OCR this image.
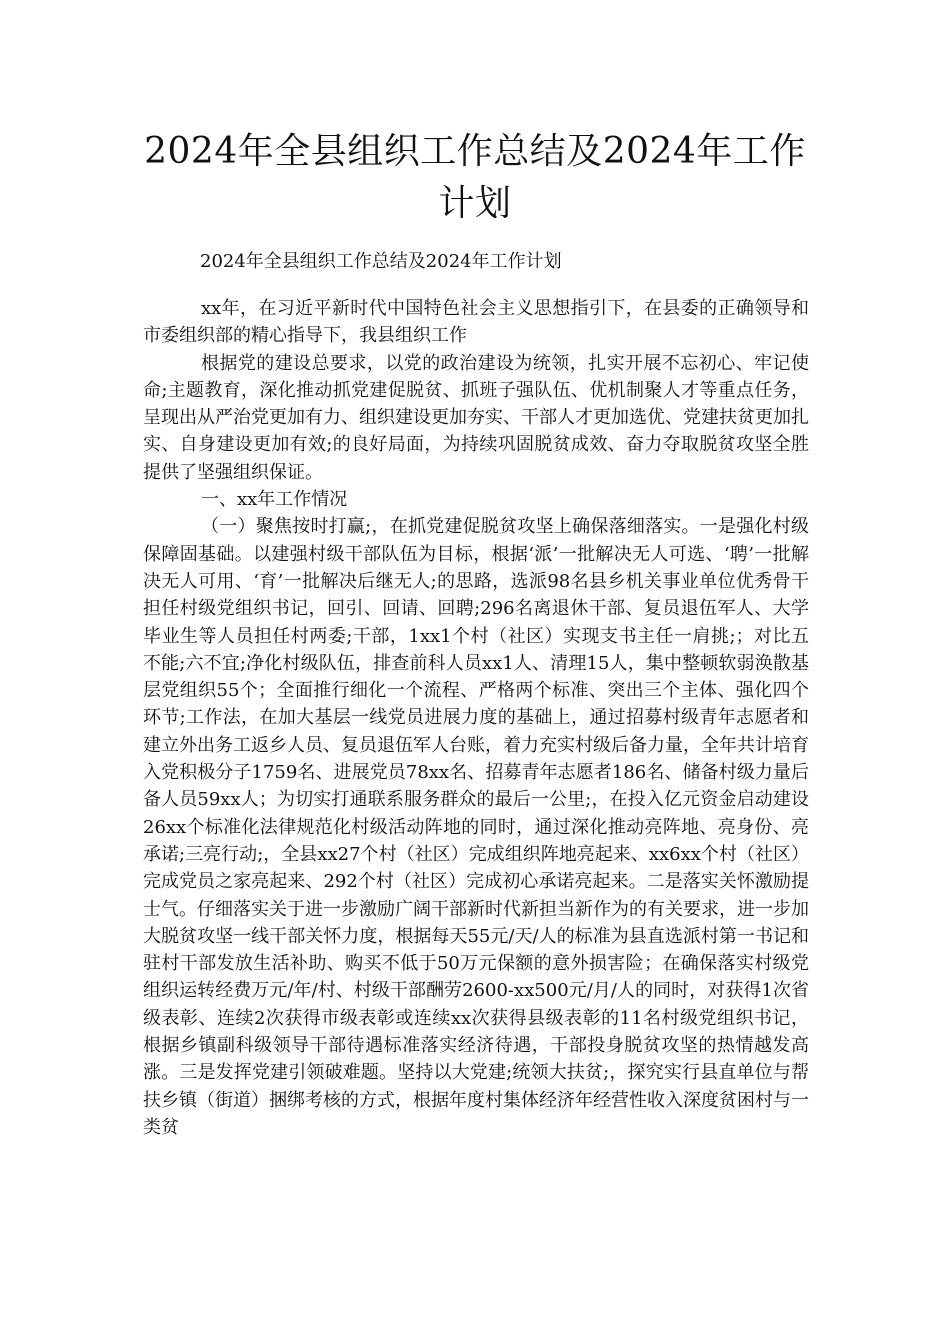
2024年全县组织工作总结及2024年工作计划

2024年全县组织工作总结及2024年工作计划

xx年，在习近平新时代中国特色社会主义思想指引下，在县委的正确领导和市委组织部的精心指导下，我县组织工作

根据党的建设总要求，以党的政治建设为统领，扎实开展不忘初心、牢记使命;主题教育，深化推动抓党建促脱贫、抓班子强队伍、优机制聚人才等重点任务，呈现出从严治党更加有力、组织建设更加夯实、干部人才更加选优、党建扶贫更加扎实、自身建设更加有效;的良好局面，为持续巩固脱贫成效、奋力夺取脱贫攻坚全胜提供了坚强组织保证。

一、xx年工作情况

（一）聚焦按时打赢;，在抓党建促脱贫攻坚上确保落细落实。一是强化村级保障固基础。以建强村级干部队伍为目标，根据‘派’一批解决无人可选、‘聘’一批解决无人可用、‘育’一批解决后继无人;的思路，选派98名县乡机关事业单位优秀骨干担任村级党组织书记，回引、回请、回聘;296名离退休干部、复员退伍军人、大学毕业生等人员担任村两委;干部，1xx1个村（社区）实现支书主任一肩挑;；对比五不能;六不宜;净化村级队伍，排查前科人员xx1人、清理15人，集中整顿软弱涣散基层党组织55个；全面推行细化一个流程、严格两个标准、突出三个主体、强化四个环节;工作法，在加大基层一线党员进展力度的基础上，通过招募村级青年志愿者和建立外出务工返乡人员、复员退伍军人台账，着力充实村级后备力量，全年共计培育入党积极分子1759名、进展党员78xx名、招募青年志愿者186名、储备村级力量后备人员59xx人；为切实打通联系服务群众的最后一公里;，在投入亿元资金启动建设26xx个标准化法律规范化村级活动阵地的同时，通过深化推动亮阵地、亮身份、亮承诺;三亮行动;，全县xx27个村（社区）完成组织阵地亮起来、xx6xx个村（社区）完成党员之家亮起来、292个村（社区）完成初心承诺亮起来。二是落实关怀激励提士气。仔细落实关于进一步激励广阔干部新时代新担当新作为的有关要求，进一步加大脱贫攻坚一线干部关怀力度，根据每天55元/天/人的标准为县直选派村第一书记和驻村干部发放生活补助、购买不低于50万元保额的意外损害险；在确保落实村级党组织运转经费万元/年/村、村级干部酬劳2600-xx500元/月/人的同时，对获得1次省级表彰、连续2次获得市级表彰或连续xx次获得县级表彰的11名村级党组织书记，根据乡镇副科级领导干部待遇标准落实经济待遇，干部投身脱贫攻坚的热情越发高涨。三是发挥党建引领破难题。坚持以大党建;统领大扶贫;，探究实行县直单位与帮扶乡镇（街道）捆绑考核的方式，根据年度村集体经济年经营性收入深度贫困村与一类贫
